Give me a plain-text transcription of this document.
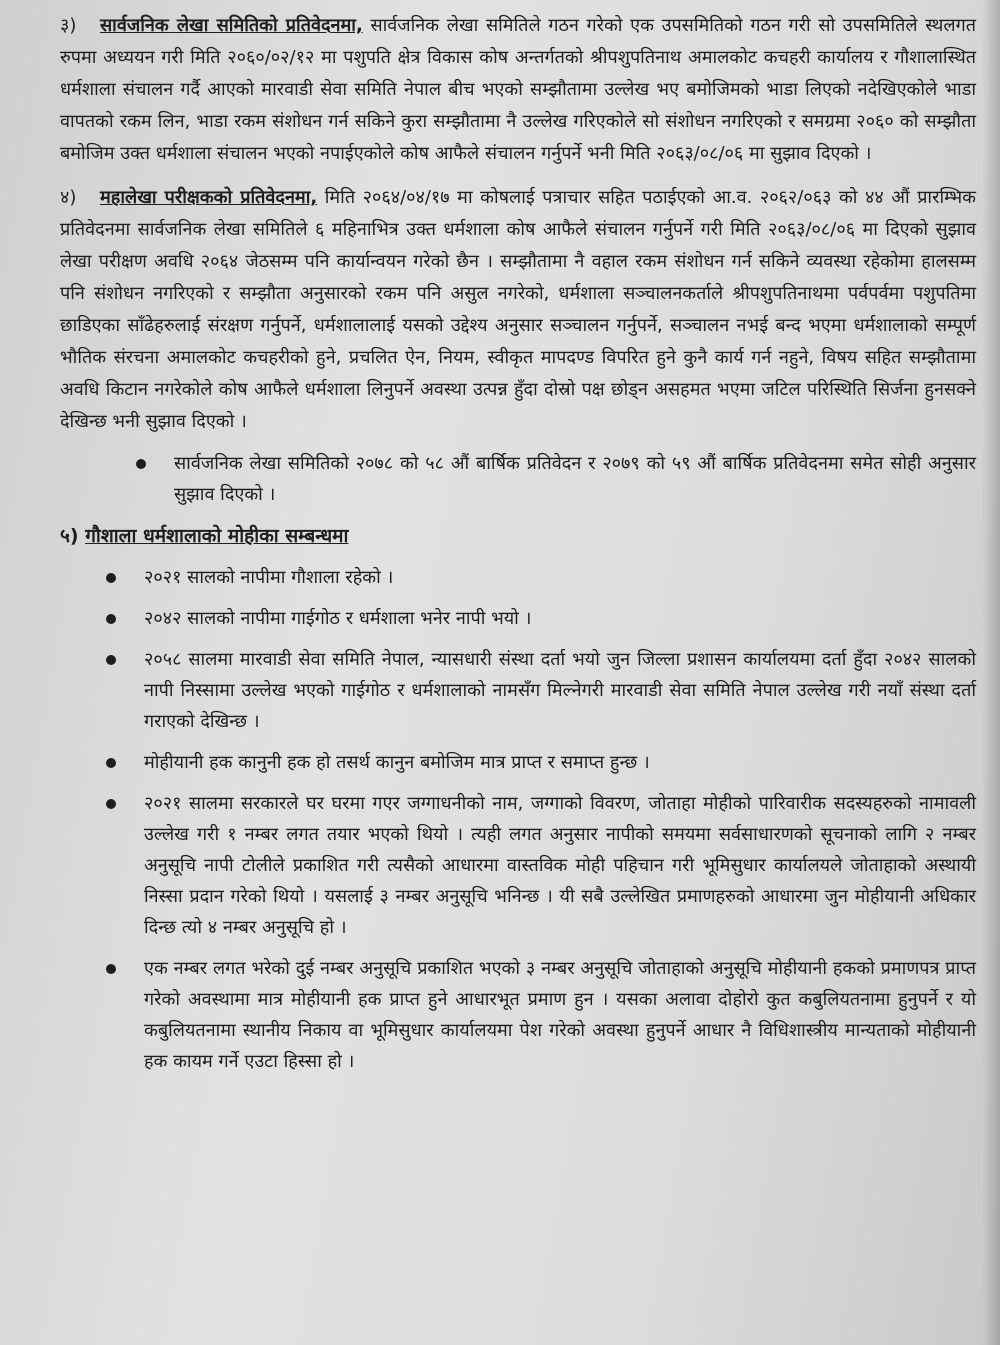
३) सार्वजनिक लेखा समितिको प्रतिवेदनमा, सार्वजनिक लेखा समितिले गठन गरेको एक उपसमितिको गठन गरी सो उपसमितिले स्थलगत रुपमा अध्ययन गरी मिति २०६०/०२/१२ मा पशुपति क्षेत्र विकास कोष अन्तर्गतको श्रीपशुपतिनाथ अमालकोट कचहरी कार्यालय र गौशालास्थित धर्मशाला संचालन गर्दै आएको मारवाडी सेवा समिति नेपाल बीच भएको सम्झौतामा उल्लेख भए बमोजिमको भाडा लिएको नदेखिएकोले भाडा वापतको रकम लिन, भाडा रकम संशोधन गर्न सकिने कुरा सम्झौतामा नै उल्लेख गरिएकोले सो संशोधन नगरिएको र समग्रमा २०६० को सम्झौता बमोजिम उक्त धर्मशाला संचालन भएको नपाईएकोले कोष आफैले संचालन गर्नुपर्ने भनी मिति २०६३/०८/०६ मा सुझाव दिएको ।

४) महालेखा परीक्षकको प्रतिवेदनमा, मिति २०६४/०४/१७ मा कोषलाई पत्राचार सहित पठाईएको आ.व. २०६२/०६३ को ४४ औं प्रारम्भिक प्रतिवेदनमा सार्वजनिक लेखा समितिले ६ महिनाभित्र उक्त धर्मशाला कोष आफैले संचालन गर्नुपर्ने गरी मिति २०६३/०८/०६ मा दिएको सुझाव लेखा परीक्षण अवधि २०६४ जेठसम्म पनि कार्यान्वयन गरेको छैन । सम्झौतामा नै वहाल रकम संशोधन गर्न सकिने व्यवस्था रहेकोमा हालसम्म पनि संशोधन नगरिएको र सम्झौता अनुसारको रकम पनि असुल नगरेको, धर्मशाला सञ्चालनकर्ताले श्रीपशुपतिनाथमा पर्वपर्वमा पशुपतिमा छाडिएका साँढेहरुलाई संरक्षण गर्नुपर्ने, धर्मशालालाई यसको उद्देश्य अनुसार सञ्चालन गर्नुपर्ने, सञ्चालन नभई बन्द भएमा धर्मशालाको सम्पूर्ण भौतिक संरचना अमालकोट कचहरीको हुने, प्रचलित ऐन, नियम, स्वीकृत मापदण्ड विपरित हुने कुनै कार्य गर्न नहुने, विषय सहित सम्झौतामा अवधि किटान नगरेकोले कोष आफैले धर्मशाला लिनुपर्ने अवस्था उत्पन्न हुँदा दोस्रो पक्ष छोड्न असहमत भएमा जटिल परिस्थिति सिर्जना हुनसक्ने देखिन्छ भनी सुझाव दिएको ।

सार्वजनिक लेखा समितिको २०७८ को ५८ औं बार्षिक प्रतिवेदन र २०७९ को ५९ औं बार्षिक प्रतिवेदनमा समेत सोही अनुसार सुझाव दिएको ।
५) गौशाला धर्मशालाको मोहीका सम्बन्धमा
२०२१ सालको नापीमा गौशाला रहेको ।
२०४२ सालको नापीमा गाईगोठ र धर्मशाला भनेर नापी भयो ।
२०५८ सालमा मारवाडी सेवा समिति नेपाल, न्यासधारी संस्था दर्ता भयो जुन जिल्ला प्रशासन कार्यालयमा दर्ता हुँदा २०४२ सालको नापी निस्सामा उल्लेख भएको गाईगोठ र धर्मशालाको नामसँग मिल्नेगरी मारवाडी सेवा समिति नेपाल उल्लेख गरी नयाँ संस्था दर्ता गराएको देखिन्छ ।
मोहीयानी हक कानुनी हक हो तसर्थ कानुन बमोजिम मात्र प्राप्त र समाप्त हुन्छ ।
२०२१ सालमा सरकारले घर घरमा गएर जग्गाधनीको नाम, जग्गाको विवरण, जोताहा मोहीको पारिवारीक सदस्यहरुको नामावली उल्लेख गरी १ नम्बर लगत तयार भएको थियो । त्यही लगत अनुसार नापीको समयमा सर्वसाधारणको सूचनाको लागि २ नम्बर अनुसूचि नापी टोलीले प्रकाशित गरी त्यसैको आधारमा वास्तविक मोही पहिचान गरी भूमिसुधार कार्यालयले जोताहाको अस्थायी निस्सा प्रदान गरेको थियो । यसलाई ३ नम्बर अनुसूचि भनिन्छ । यी सबै उल्लेखित प्रमाणहरुको आधारमा जुन मोहीयानी अधिकार दिन्छ त्यो ४ नम्बर अनुसूचि हो ।
एक नम्बर लगत भरेको दुई नम्बर अनुसूचि प्रकाशित भएको ३ नम्बर अनुसूचि जोताहाको अनुसूचि मोहीयानी हकको प्रमाणपत्र प्राप्त गरेको अवस्थामा मात्र मोहीयानी हक प्राप्त हुने आधारभूत प्रमाण हुन । यसका अलावा दोहोरो कुत कबुलियतनामा हुनुपर्ने र यो कबुलियतनामा स्थानीय निकाय वा भूमिसुधार कार्यालयमा पेश गरेको अवस्था हुनुपर्ने आधार नै विधिशास्त्रीय मान्यताको मोहीयानी हक कायम गर्ने एउटा हिस्सा हो ।
